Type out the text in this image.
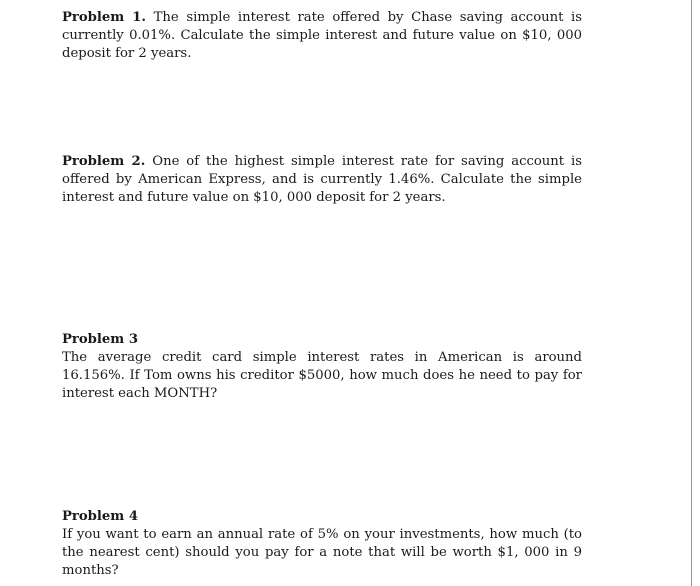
Problem 1. The simple interest rate offered by Chase saving account is currently 0.01%. Calculate the simple interest and future value on $10, 000 deposit for 2 years.
Problem 2. One of the highest simple interest rate for saving account is offered by American Express, and is currently 1.46%. Calculate the simple interest and future value on $10, 000 deposit for 2 years.
Problem 3
The average credit card simple interest rates in American is around 16.156%. If Tom owns his creditor $5000, how much does he need to pay for interest each MONTH?
Problem 4
If you want to earn an annual rate of 5% on your investments, how much (to the nearest cent) should you pay for a note that will be worth $1, 000 in 9 months?
